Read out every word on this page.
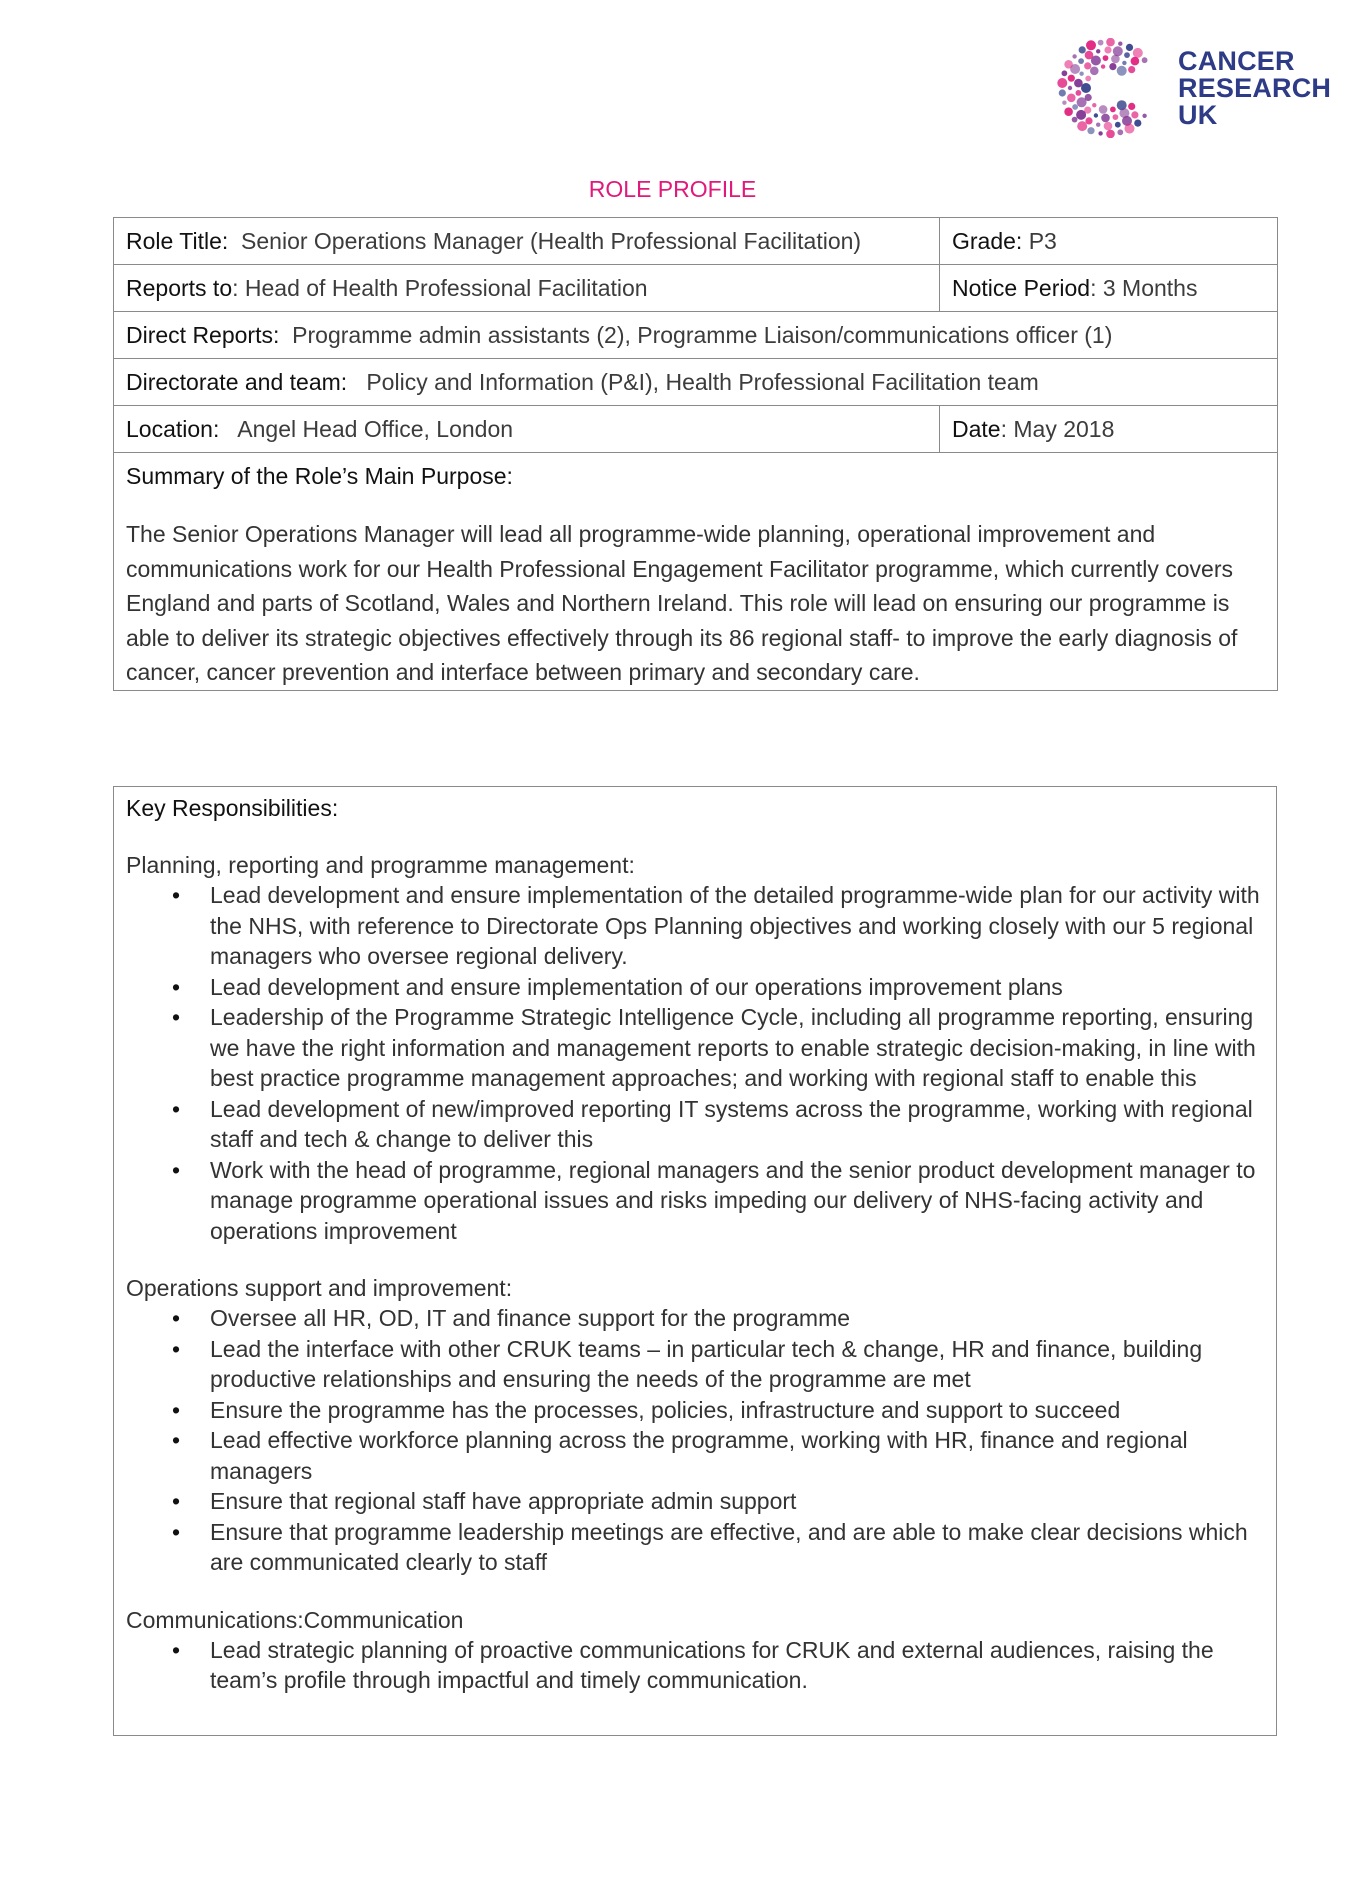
CANCER
RESEARCH
UK
ROLE PROFILE
Role Title: Senior Operations Manager (Health Professional Facilitation)	Grade: P3
Reports to: Head of Health Professional Facilitation	Notice Period: 3 Months
Direct Reports: Programme admin assistants (2), Programme Liaison/communications officer (1)	
Directorate and team: Policy and Information (P&I), Health Professional Facilitation team	
Location: Angel Head Office, London	Date: May 2018

Summary of the Role’s Main Purpose:
The Senior Operations Manager will lead all programme-wide planning, operational improvement and communications work for our Health Professional Engagement Facilitator programme, which currently covers England and parts of Scotland, Wales and Northern Ireland. This role will lead on ensuring our programme is able to deliver its strategic objectives effectively through its 86 regional staff- to improve the early diagnosis of cancer, cancer prevention and interface between primary and secondary care.	
Key Responsibilities:
Planning, reporting and programme management:
• Lead development and ensure implementation of the detailed programme-wide plan for our activity with the NHS, with reference to Directorate Ops Planning objectives and working closely with our 5 regional managers who oversee regional delivery.
• Lead development and ensure implementation of our operations improvement plans
• Leadership of the Programme Strategic Intelligence Cycle, including all programme reporting, ensuring we have the right information and management reports to enable strategic decision-making, in line with best practice programme management approaches; and working with regional staff to enable this
• Lead development of new/improved reporting IT systems across the programme, working with regional staff and tech & change to deliver this
• Work with the head of programme, regional managers and the senior product development manager to manage programme operational issues and risks impeding our delivery of NHS-facing activity and operations improvement
Operations support and improvement:
• Oversee all HR, OD, IT and finance support for the programme
• Lead the interface with other CRUK teams – in particular tech & change, HR and finance, building productive relationships and ensuring the needs of the programme are met
• Ensure the programme has the processes, policies, infrastructure and support to succeed
• Lead effective workforce planning across the programme, working with HR, finance and regional managers
• Ensure that regional staff have appropriate admin support
• Ensure that programme leadership meetings are effective, and are able to make clear decisions which are communicated clearly to staff
Communications:Communication
• Lead strategic planning of proactive communications for CRUK and external audiences, raising the team’s profile through impactful and timely communication.
